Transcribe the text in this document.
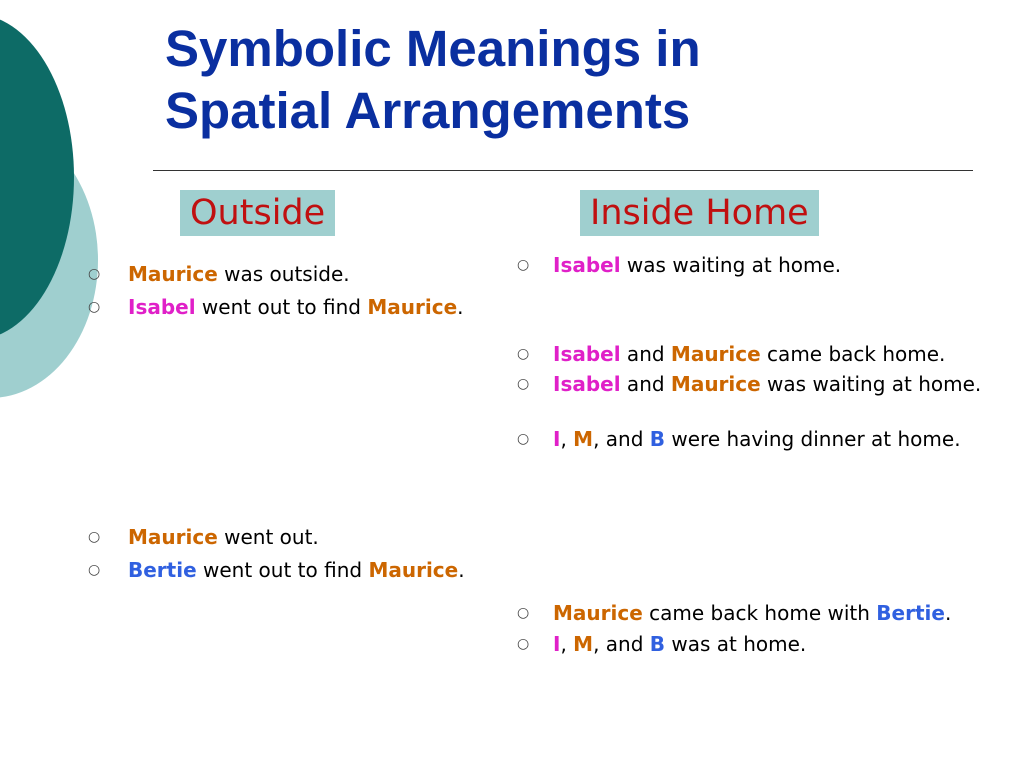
Symbolic Meanings in
Spatial Arrangements
Outside	Inside Home
○ Maurice was outside.
○ Isabel went out to find Maurice.
○ Maurice went out.
○ Bertie went out to find Maurice.
○ Isabel was waiting at home.
○ Isabel and Maurice came back home.
○ Isabel and Maurice was waiting at home.
○ I, M, and B were having dinner at home.
○ Maurice came back home with Bertie.
○ I, M, and B was at home.
